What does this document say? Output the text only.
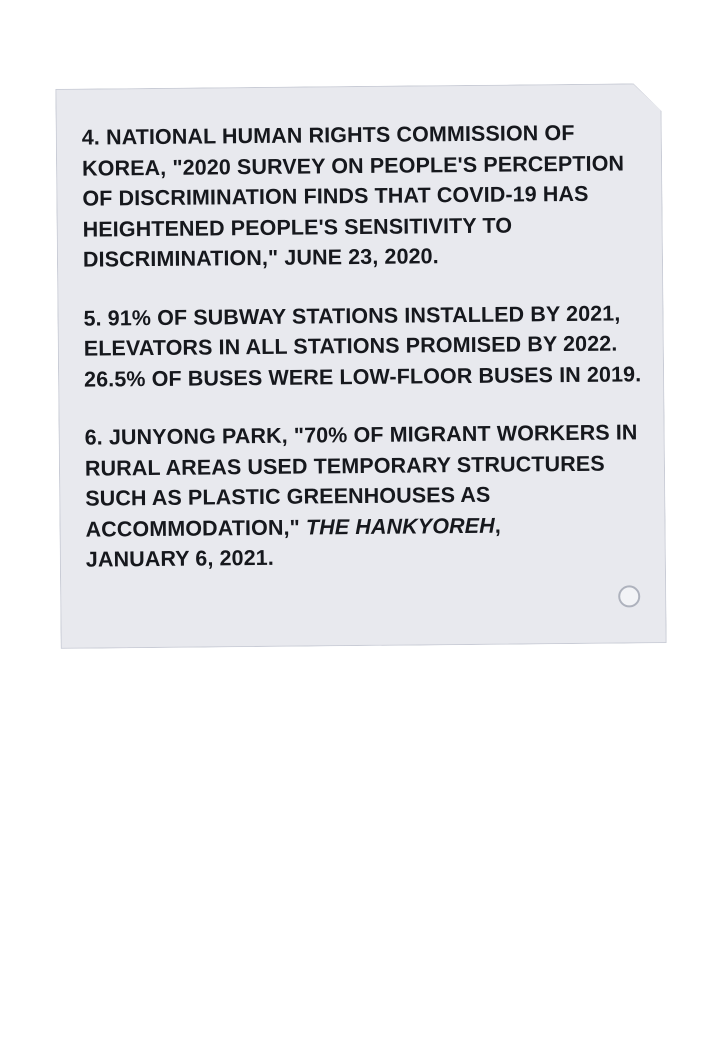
4. NATIONAL HUMAN RIGHTS COMMISSION OF KOREA, "2020 SURVEY ON PEOPLE'S PERCEPTION OF DISCRIMINATION FINDS THAT COVID-19 HAS HEIGHTENED PEOPLE'S SENSITIVITY TO DISCRIMINATION," JUNE 23, 2020.

5. 91% OF SUBWAY STATIONS INSTALLED BY 2021, ELEVATORS IN ALL STATIONS PROMISED BY 2022. 26.5% OF BUSES WERE LOW-FLOOR BUSES IN 2019.

6. JUNYONG PARK, "70% OF MIGRANT WORKERS IN RURAL AREAS USED TEMPORARY STRUCTURES SUCH AS PLASTIC GREENHOUSES AS  ACCOMMODATION," THE HANKYOREH,
JANUARY 6, 2021.
